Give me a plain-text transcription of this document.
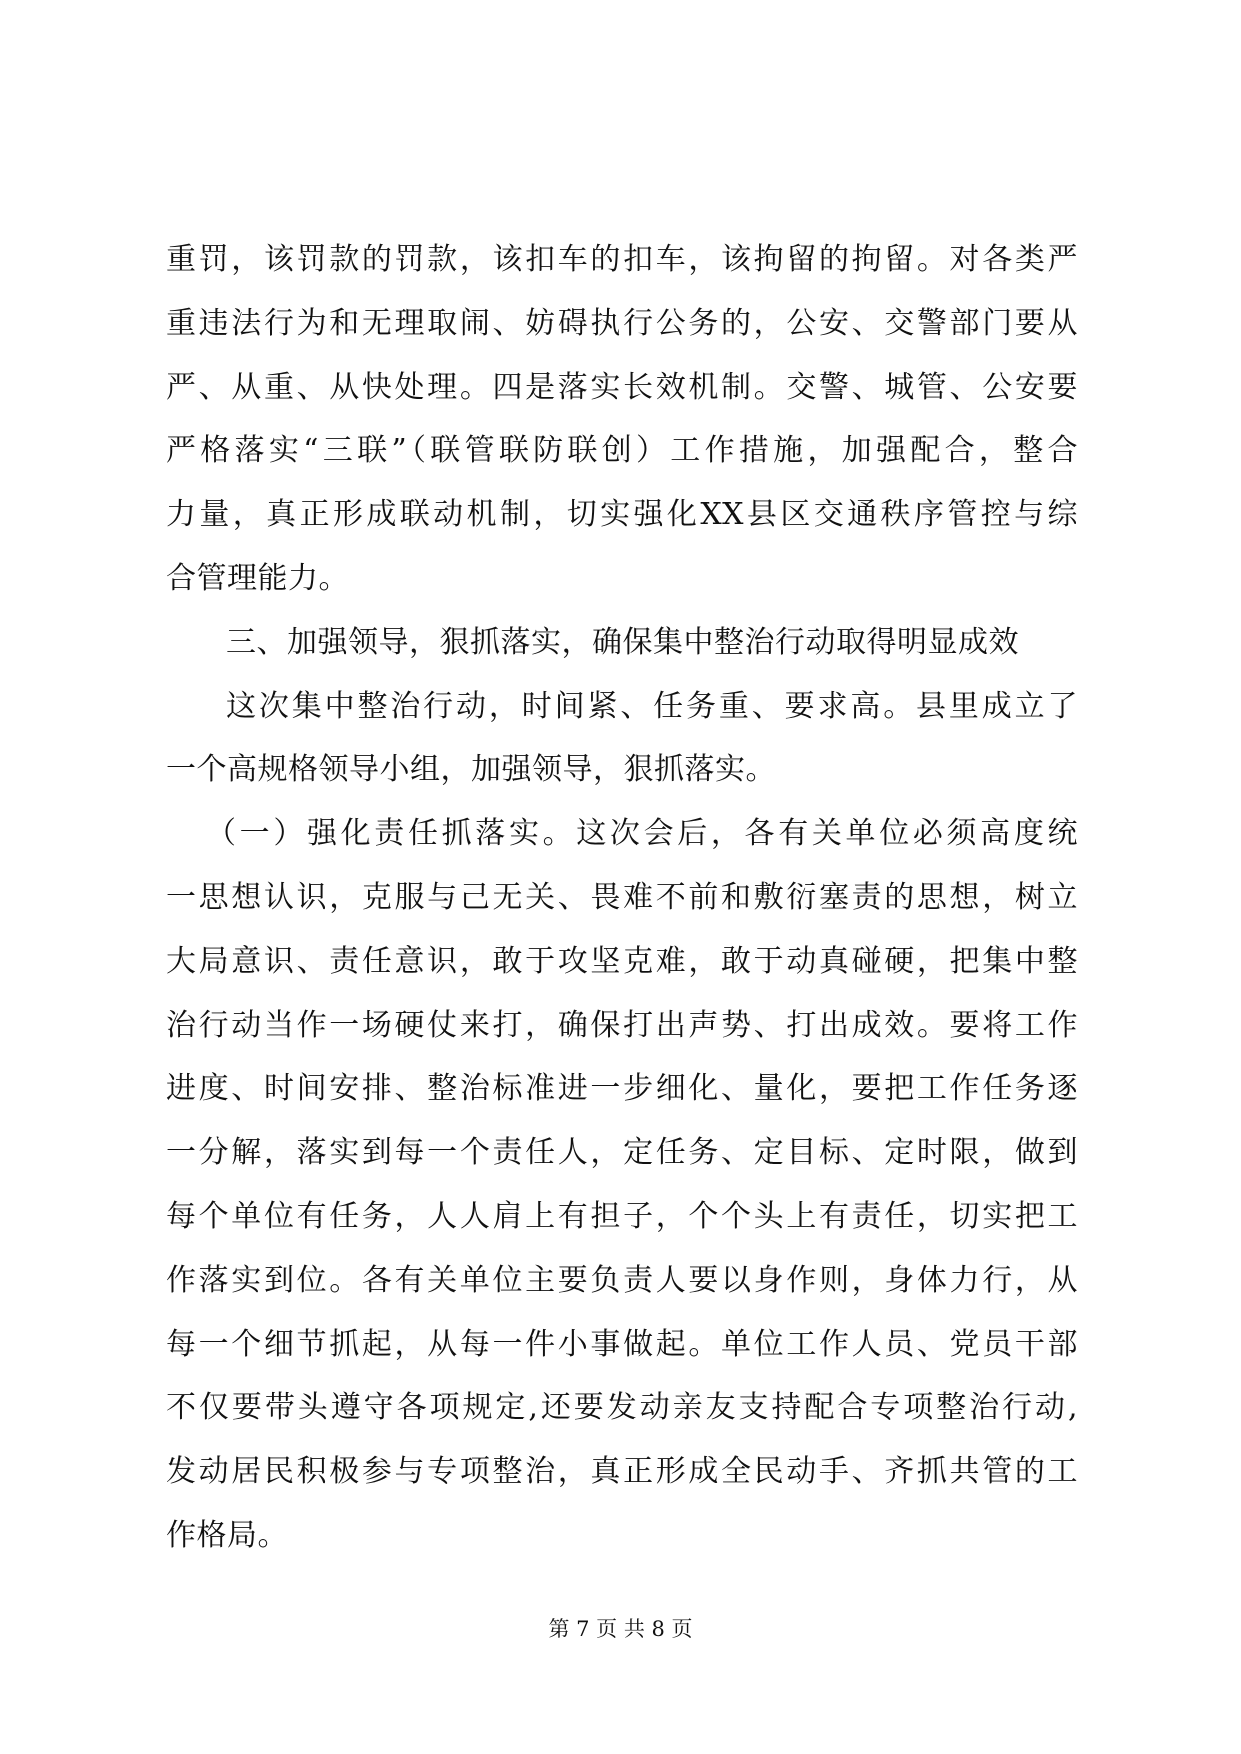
重罚，该罚款的罚款，该扣车的扣车，该拘留的拘留。对各类严
重违法行为和无理取闹、妨碍执行公务的，公安、交警部门要从
严、从重、从快处理。四是落实长效机制。交警、城管、公安要
严格落实“三联”（联管联防联创）工作措施，加强配合，整合
力量，真正形成联动机制，切实强化XX县区交通秩序管控与综
合管理能力。
三、加强领导，狠抓落实，确保集中整治行动取得明显成效
这次集中整治行动，时间紧、任务重、要求高。县里成立了
一个高规格领导小组，加强领导，狠抓落实。
（一）强化责任抓落实。这次会后，各有关单位必须高度统
一思想认识，克服与己无关、畏难不前和敷衍塞责的思想，树立
大局意识、责任意识，敢于攻坚克难，敢于动真碰硬，把集中整
治行动当作一场硬仗来打，确保打出声势、打出成效。要将工作
进度、时间安排、整治标准进一步细化、量化，要把工作任务逐
一分解，落实到每一个责任人，定任务、定目标、定时限，做到
每个单位有任务，人人肩上有担子，个个头上有责任，切实把工
作落实到位。各有关单位主要负责人要以身作则，身体力行，从
每一个细节抓起，从每一件小事做起。单位工作人员、党员干部
不仅要带头遵守各项规定,还要发动亲友支持配合专项整治行动,
发动居民积极参与专项整治，真正形成全民动手、齐抓共管的工
作格局。
第 7 页 共 8 页
